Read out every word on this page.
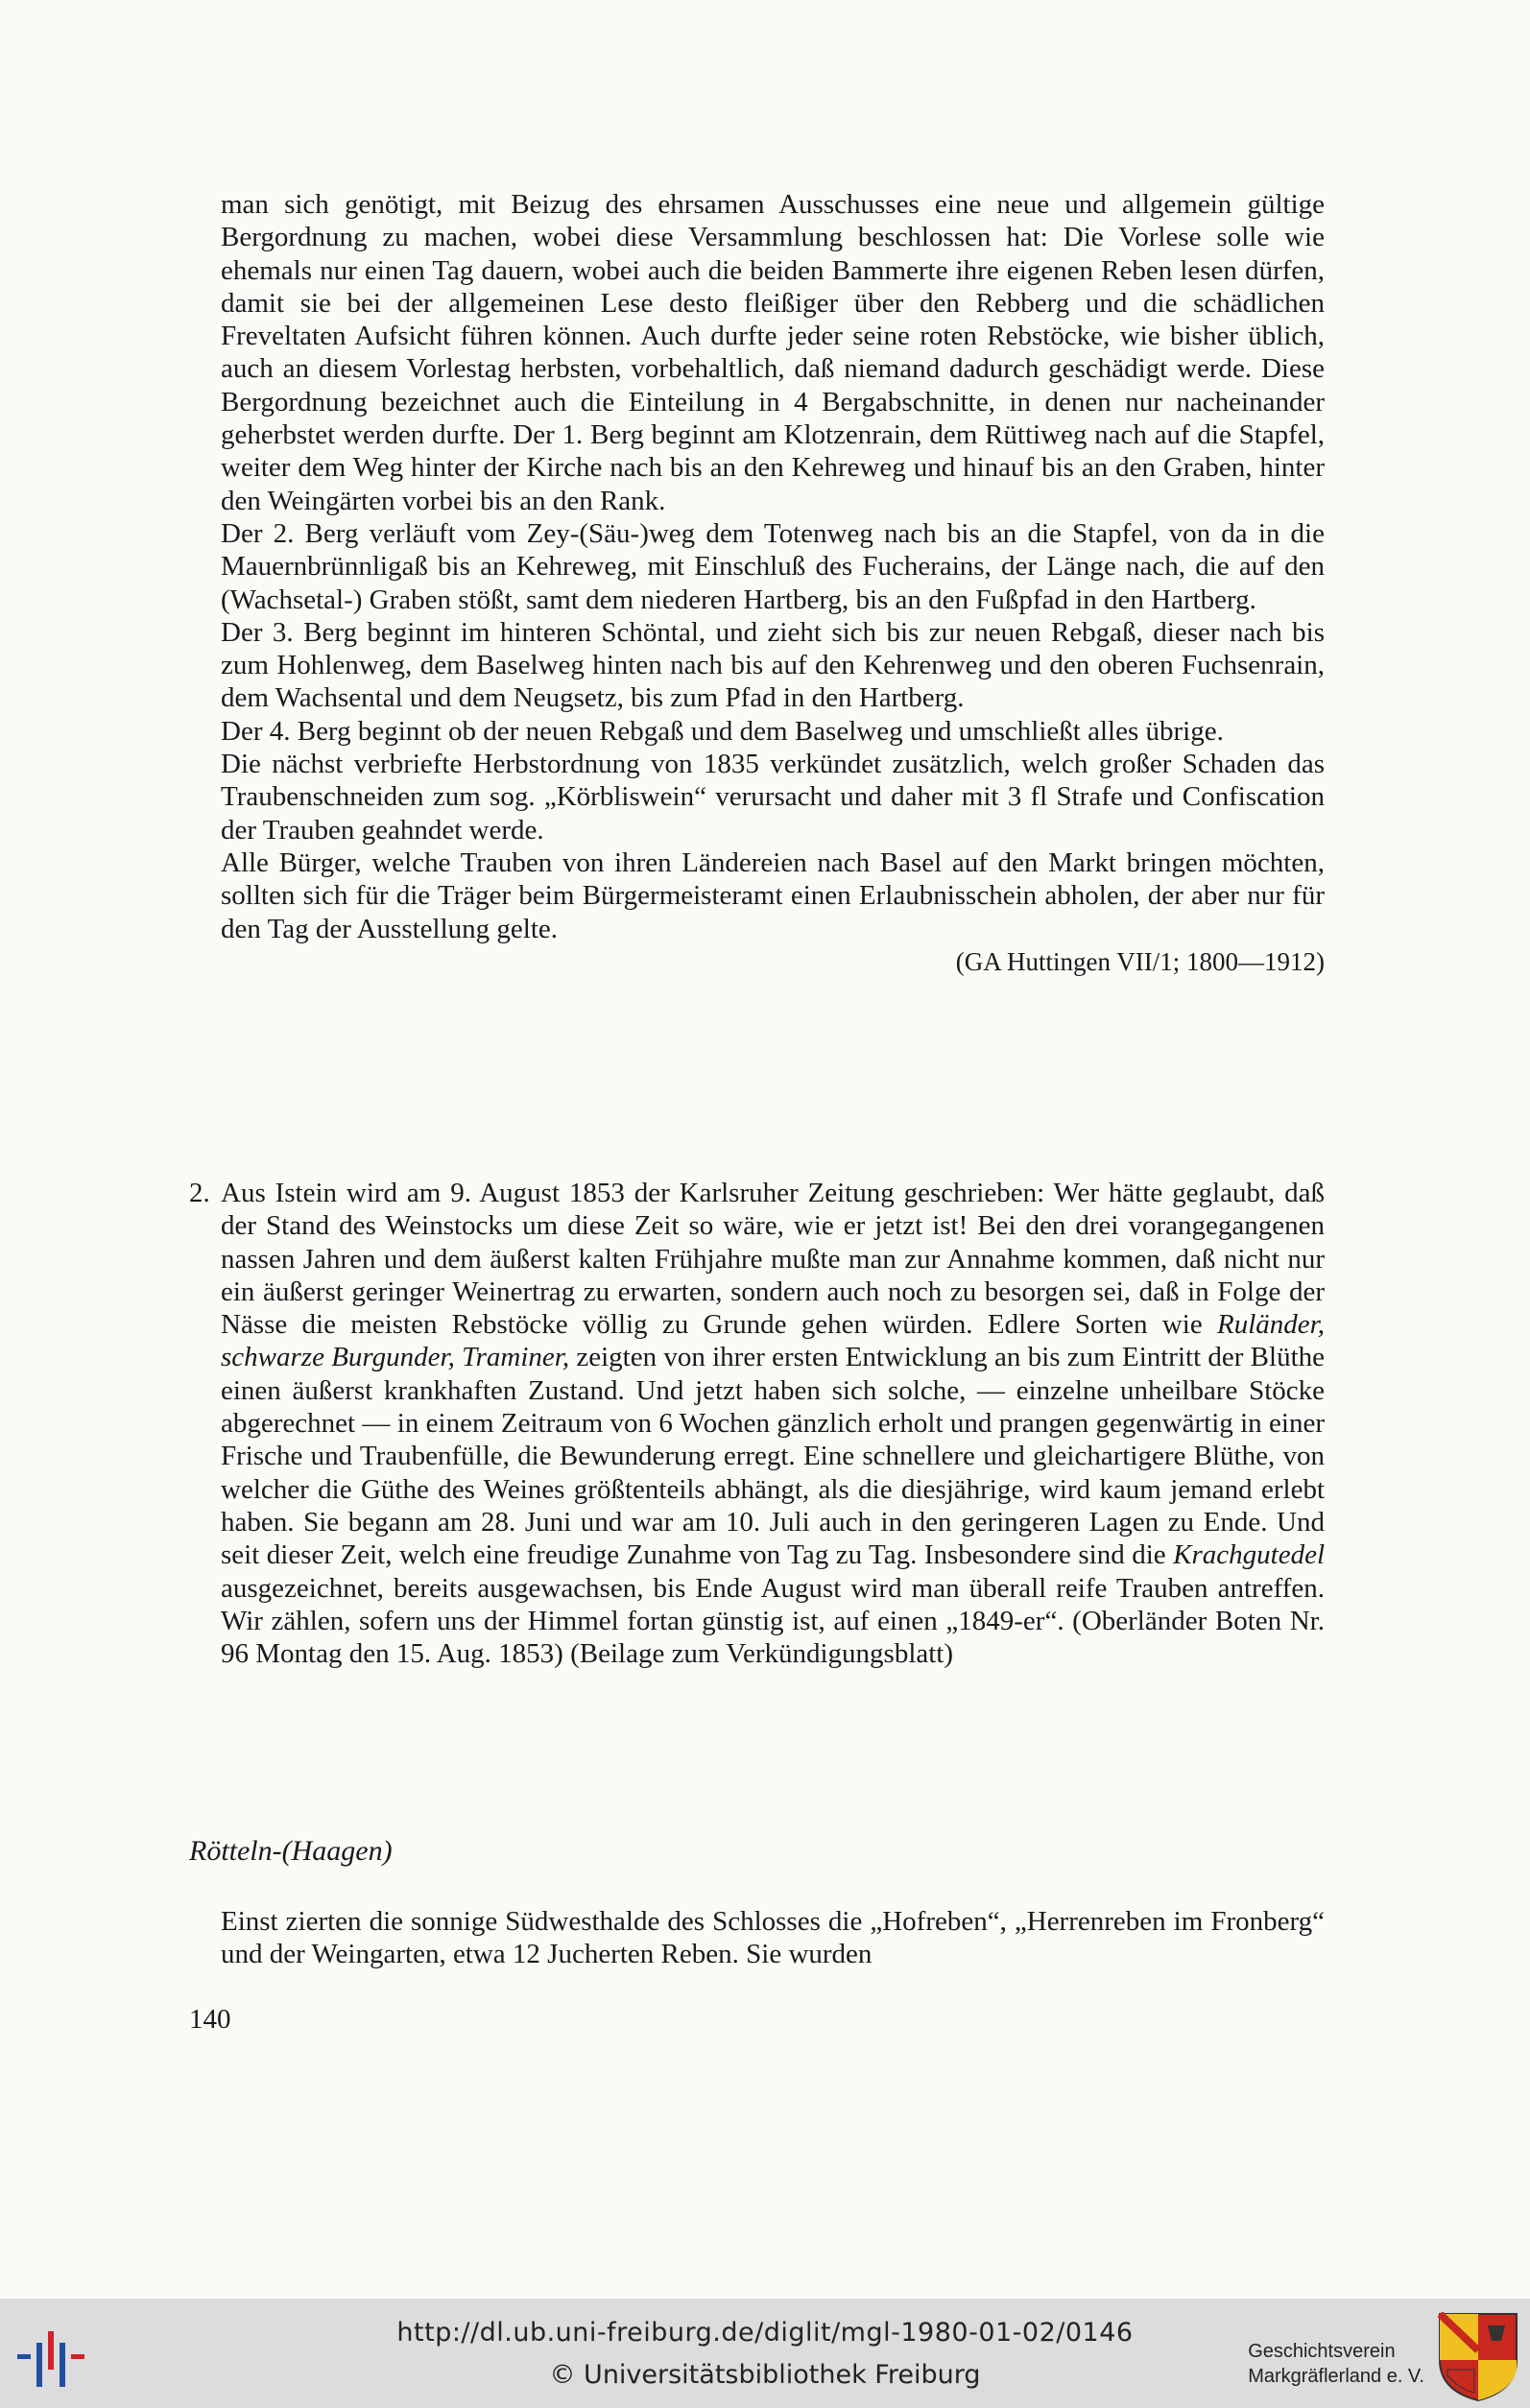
man sich genötigt, mit Beizug des ehrsamen Ausschusses eine neue und allgemein gültige Bergordnung zu machen, wobei diese Versammlung beschlossen hat: Die Vorlese solle wie ehemals nur einen Tag dauern, wobei auch die beiden Bammerte ihre eigenen Reben lesen dürfen, damit sie bei der allgemeinen Lese desto fleißiger über den Rebberg und die schädlichen Freveltaten Aufsicht führen können. Auch durfte jeder seine roten Rebstöcke, wie bisher üblich, auch an diesem Vorlestag herbsten, vorbehaltlich, daß niemand dadurch geschädigt werde. Diese Bergordnung bezeichnet auch die Einteilung in 4 Bergabschnitte, in denen nur nacheinander geherbstet werden durfte. Der 1. Berg beginnt am Klotzenrain, dem Rüttiweg nach auf die Stapfel, weiter dem Weg hinter der Kirche nach bis an den Kehreweg und hinauf bis an den Graben, hinter den Weingärten vorbei bis an den Rank.

Der 2. Berg verläuft vom Zey-(Säu-)weg dem Totenweg nach bis an die Stapfel, von da in die Mauernbrünnligaß bis an Kehreweg, mit Einschluß des Fucherains, der Länge nach, die auf den (Wachsetal-) Graben stößt, samt dem niederen Hartberg, bis an den Fußpfad in den Hartberg.

Der 3. Berg beginnt im hinteren Schöntal, und zieht sich bis zur neuen Rebgaß, dieser nach bis zum Hohlenweg, dem Baselweg hinten nach bis auf den Kehrenweg und den oberen Fuchsenrain, dem Wachsental und dem Neugsetz, bis zum Pfad in den Hartberg.

Der 4. Berg beginnt ob der neuen Rebgaß und dem Baselweg und umschließt alles übrige.

Die nächst verbriefte Herbstordnung von 1835 verkündet zusätzlich, welch großer Schaden das Traubenschneiden zum sog. „Körbliswein“ verursacht und daher mit 3 fl Strafe und Confiscation der Trauben geahndet werde.

Alle Bürger, welche Trauben von ihren Ländereien nach Basel auf den Markt bringen möchten, sollten sich für die Träger beim Bürgermeisteramt einen Erlaubnisschein abholen, der aber nur für den Tag der Ausstellung gelte.

(GA Huttingen VII/1; 1800—1912)

2. Aus Istein wird am 9. August 1853 der Karlsruher Zeitung geschrieben: Wer hätte geglaubt, daß der Stand des Weinstocks um diese Zeit so wäre, wie er jetzt ist! Bei den drei vorangegangenen nassen Jahren und dem äußerst kalten Frühjahre mußte man zur Annahme kommen, daß nicht nur ein äußerst geringer Weinertrag zu erwarten, sondern auch noch zu besorgen sei, daß in Folge der Nässe die meisten Rebstöcke völlig zu Grunde gehen würden. Edlere Sorten wie Ruländer, schwarze Burgunder, Traminer, zeigten von ihrer ersten Entwicklung an bis zum Eintritt der Blüthe einen äußerst krankhaften Zustand. Und jetzt haben sich solche, — einzelne unheilbare Stöcke abgerechnet — in einem Zeitraum von 6 Wochen gänzlich erholt und prangen gegenwärtig in einer Frische und Traubenfülle, die Bewunderung erregt. Eine schnellere und gleichartigere Blüthe, von welcher die Güthe des Weines größtenteils abhängt, als die diesjährige, wird kaum jemand erlebt haben. Sie begann am 28. Juni und war am 10. Juli auch in den geringeren Lagen zu Ende. Und seit dieser Zeit, welch eine freudige Zunahme von Tag zu Tag. Insbesondere sind die Krachgutedel ausgezeichnet, bereits ausgewachsen, bis Ende August wird man überall reife Trauben antreffen. Wir zählen, sofern uns der Himmel fortan günstig ist, auf einen „1849-er“. (Oberländer Boten Nr. 96 Montag den 15. Aug. 1853) (Beilage zum Verkündigungsblatt)

Rötteln-(Haagen)

Einst zierten die sonnige Südwesthalde des Schlosses die „Hofreben“, „Herrenreben im Fronberg“ und der Weingarten, etwa 12 Jucherten Reben. Sie wurden

140
http://dl.ub.uni-freiburg.de/diglit/mgl-1980-01-02/0146
© Universitätsbibliothek Freiburg
Geschichtsverein
Markgräflerland e. V.
